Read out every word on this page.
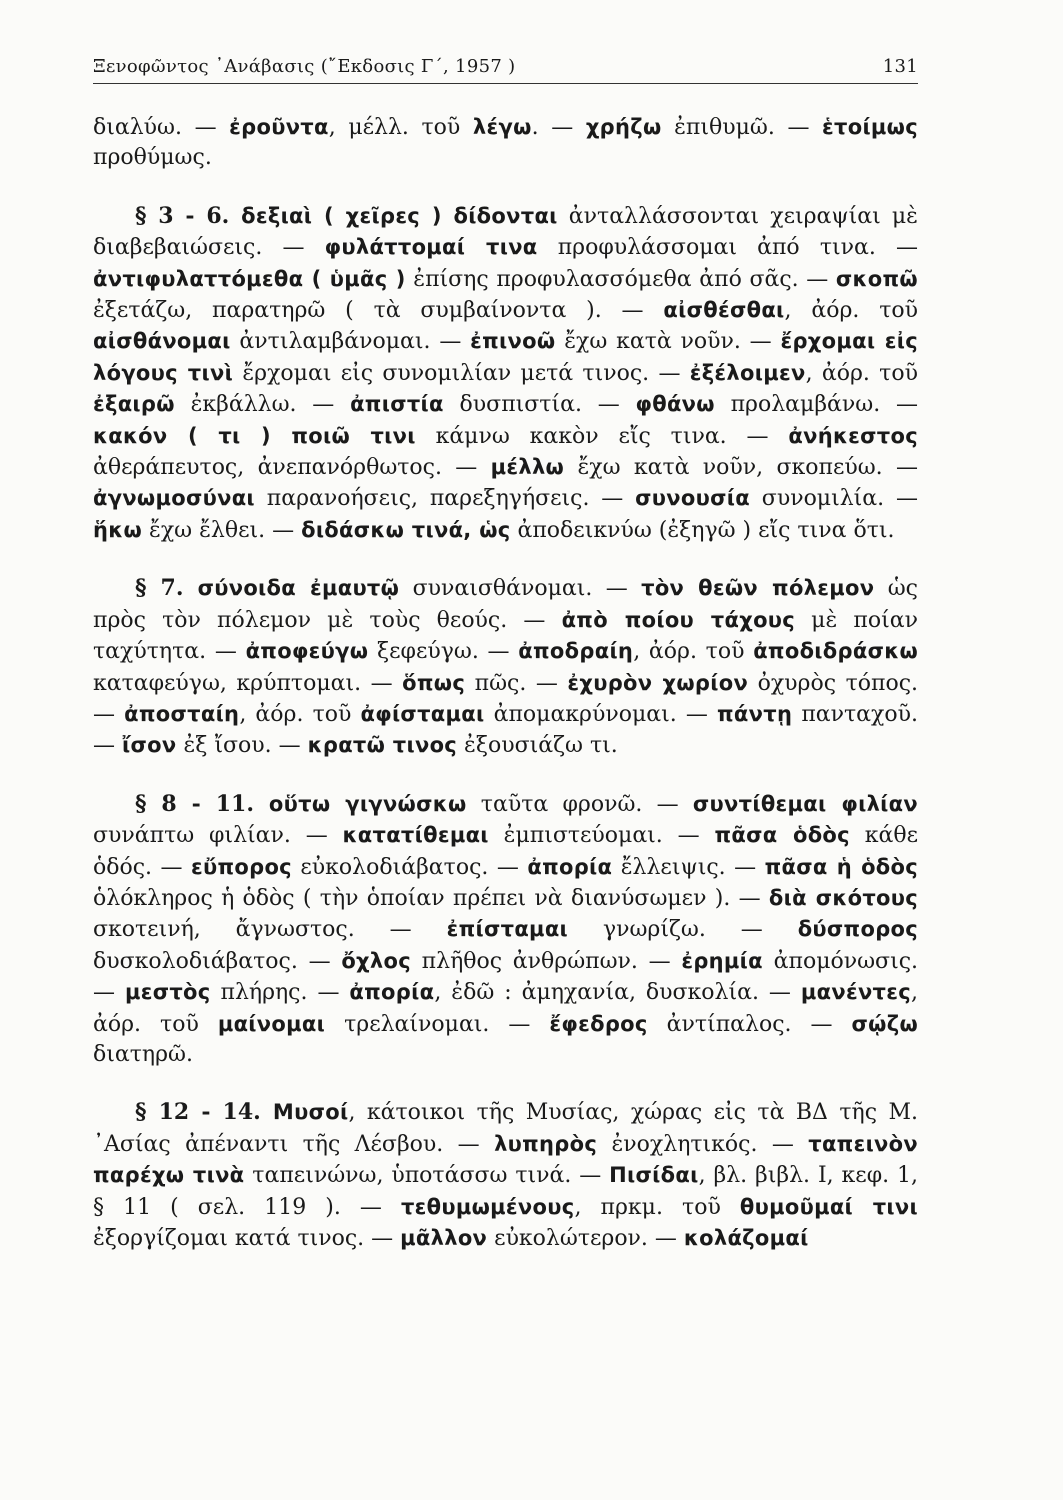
Ξενοφῶντος ᾿Ανάβασις (῎Εκδοσις Γ΄, 1957 )	131

διαλύω. — ἐροῦντα, μέλλ. τοῦ λέγω. — χρήζω ἐπιθυμῶ. — ἑτοίμως προθύμως.

§ 3 - 6. δεξιαὶ ( χεῖρες ) δίδονται ἀνταλλάσσονται χειραψίαι μὲ διαβεβαιώσεις. — φυλάττομαί τινα προφυλάσσομαι ἀπό τινα. — ἀντιφυλαττόμεθα ( ὑμᾶς ) ἐπίσης προφυλασσόμεθα ἀπό σᾶς. — σκοπῶ ἐξετάζω, παρατηρῶ ( τὰ συμβαίνοντα ). — αἰσθέσθαι, ἀόρ. τοῦ αἰσθάνομαι ἀντιλαμβάνομαι. — ἐπινοῶ ἔχω κατὰ νοῦν. — ἔρχομαι εἰς λόγους τινὶ ἔρχομαι εἰς συνομιλίαν μετά τινος. — ἐξέλοιμεν, ἀόρ. τοῦ ἐξαιρῶ ἐκβάλλω. — ἀπιστία δυσπιστία. — φθάνω προλαμβάνω. — κακόν ( τι ) ποιῶ τινι κάμνω κακὸν εἴς τινα. — ἀνήκεστος ἀθεράπευτος, ἀνεπανόρθωτος. — μέλλω ἔχω κατὰ νοῦν, σκοπεύω. — ἀγνωμοσύναι παρανοήσεις, παρεξηγήσεις. — συνουσία συνομιλία. — ἥκω ἔχω ἔλθει. — διδάσκω τινά, ὡς ἀποδεικνύω (ἐξηγῶ ) εἴς τινα ὅτι.

§ 7. σύνοιδα ἐμαυτῷ συναισθάνομαι. — τὸν θεῶν πόλεμον ὡς πρὸς τὸν πόλεμον μὲ τοὺς θεούς. — ἀπὸ ποίου τάχους μὲ ποίαν ταχύτητα. — ἀποφεύγω ξεφεύγω. — ἀποδραίη, ἀόρ. τοῦ ἀποδιδράσκω καταφεύγω, κρύπτομαι. — ὅπως πῶς. — ἐχυρὸν χωρίον ὀχυρὸς τόπος. — ἀποσταίη, ἀόρ. τοῦ ἀφίσταμαι ἀπομακρύνομαι. — πάντῃ πανταχοῦ. — ἴσον ἐξ ἴσου. — κρατῶ τινος ἐξουσιάζω τι.

§ 8 - 11. οὕτω γιγνώσκω ταῦτα φρονῶ. — συντίθεμαι φιλίαν συνάπτω φιλίαν. — κατατίθεμαι ἐμπιστεύομαι. — πᾶσα ὁδὸς κάθε ὁδός. — εὔπορος εὐκολοδιάβατος. — ἀπορία ἔλλειψις. — πᾶσα ἡ ὁδὸς ὁλόκληρος ἡ ὁδὸς ( τὴν ὁποίαν πρέπει νὰ διανύσωμεν ). — διὰ σκότους σκοτεινή, ἄγνωστος. — ἐπίσταμαι γνωρίζω. — δύσπορος δυσκολοδιάβατος. — ὄχλος πλῆθος ἀνθρώπων. — ἐρημία ἀπομόνωσις. — μεστὸς πλήρης. — ἀπορία, ἐδῶ : ἀμηχανία, δυσκολία. — μανέντες, ἀόρ. τοῦ μαίνομαι τρελαίνομαι. — ἔφεδρος ἀντίπαλος. — σῴζω διατηρῶ.

§ 12 - 14. Μυσοί, κάτοικοι τῆς Μυσίας, χώρας εἰς τὰ ΒΔ τῆς Μ. ᾿Ασίας ἀπέναντι τῆς Λέσβου. — λυπηρὸς ἐνοχλητικός. — ταπεινὸν παρέχω τινὰ ταπεινώνω, ὑποτάσσω τινά. — Πισίδαι, βλ. βιβλ. Ι, κεφ. 1, § 11 ( σελ. 119 ). — τεθυμωμένους, πρκμ. τοῦ θυμοῦμαί τινι ἐξοργίζομαι κατά τινος. — μᾶλλον εὐκολώτερον. — κολάζομαί
